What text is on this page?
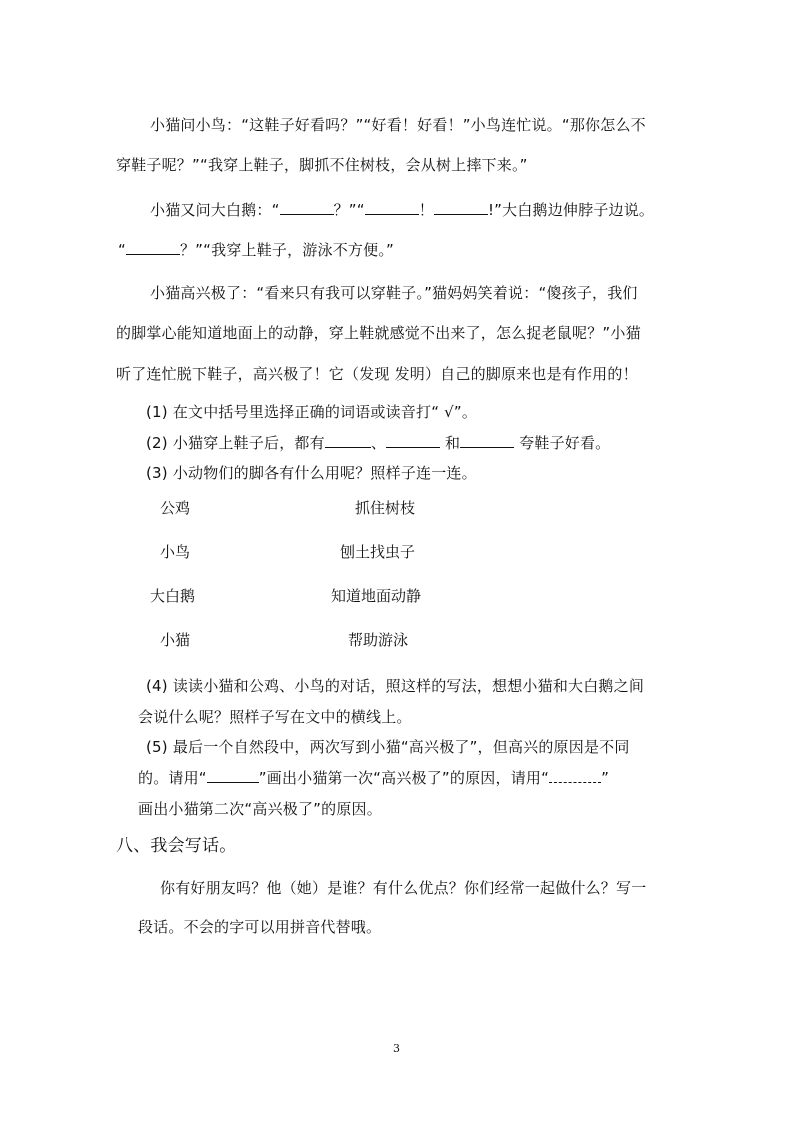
小猫问小鸟：“这鞋子好看吗？”“好看！好看！”小鸟连忙说。“那你怎么不
穿鞋子呢？”“我穿上鞋子，脚抓不住树枝，会从树上摔下来。”
小猫又问大白鹅：“	？”“	！	!”大白鹅边伸脖子边说。
“	？”“我穿上鞋子，游泳不方便。”
小猫高兴极了：“看来只有我可以穿鞋子。”猫妈妈笑着说：“傻孩子，我们
的脚掌心能知道地面上的动静，穿上鞋就感觉不出来了，怎么捉老鼠呢？”小猫
听了连忙脱下鞋子，高兴极了！它（发现 发明）自己的脚原来也是有作用的！
(1) 在文中括号里选择正确的词语或读音打“ √”。
(2) 小猫穿上鞋子后，都有	、	和	夸鞋子好看。
(3) 小动物们的脚各有什么用呢？照样子连一连。
公鸡
小鸟
大白鹅
小猫
抓住树枝
刨土找虫子
知道地面动静
帮助游泳
(4) 读读小猫和公鸡、小鸟的对话，照这样的写法，想想小猫和大白鹅之间
会说什么呢？照样子写在文中的横线上。
(5) 最后一个自然段中，两次写到小猫“高兴极了”，但高兴的原因是不同
的。请用“	”画出小猫第一次“高兴极了”的原因，请用“	”
画出小猫第二次“高兴极了”的原因。
八、我会写话。
你有好朋友吗？他（她）是谁？有什么优点？你们经常一起做什么？写一
段话。不会的字可以用拼音代替哦。
3
